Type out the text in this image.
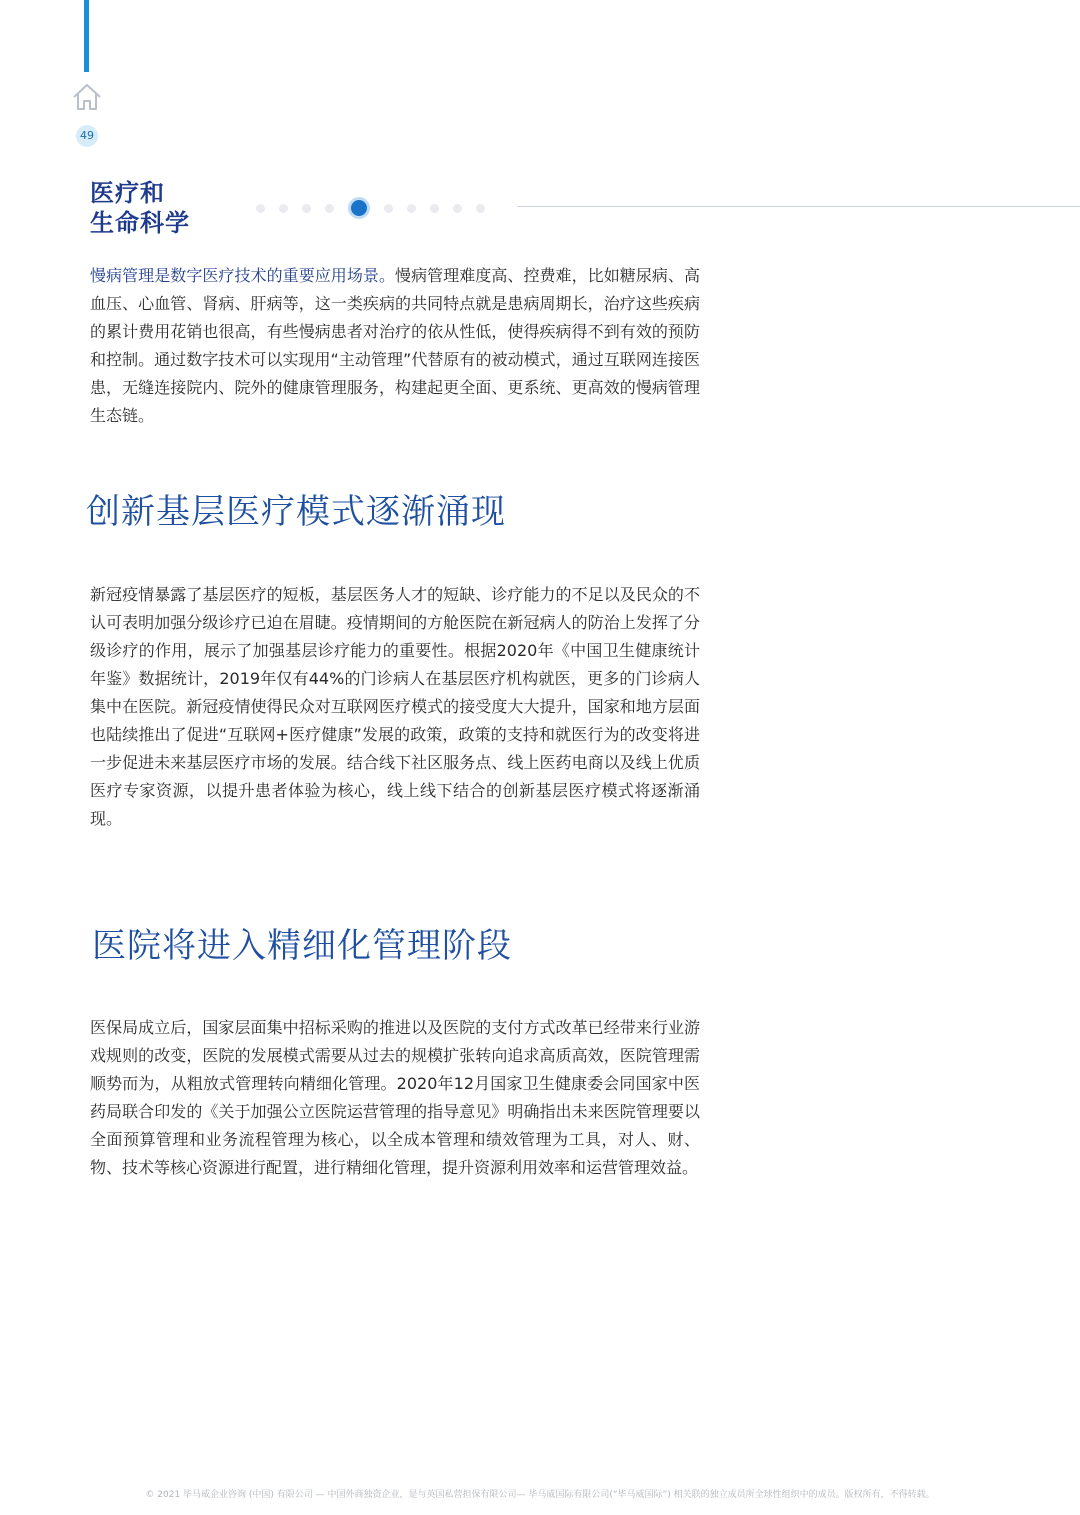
49
医疗和
生命科学

慢病管理是数字医疗技术的重要应用场景。慢病管理难度高、控费难，比如糖尿病、高血压、心血管、肾病、肝病等，这一类疾病的共同特点就是患病周期长，治疗这些疾病的累计费用花销也很高，有些慢病患者对治疗的依从性低，使得疾病得不到有效的预防和控制。通过数字技术可以实现用“主动管理”代替原有的被动模式，通过互联网连接医患，无缝连接院内、院外的健康管理服务，构建起更全面、更系统、更高效的慢病管理生态链。

创新基层医疗模式逐渐涌现

新冠疫情暴露了基层医疗的短板，基层医务人才的短缺、诊疗能力的不足以及民众的不认可表明加强分级诊疗已迫在眉睫。疫情期间的方舱医院在新冠病人的防治上发挥了分级诊疗的作用，展示了加强基层诊疗能力的重要性。根据2020年《中国卫生健康统计年鉴》数据统计，2019年仅有44%的门诊病人在基层医疗机构就医，更多的门诊病人集中在医院。新冠疫情使得民众对互联网医疗模式的接受度大大提升，国家和地方层面也陆续推出了促进“互联网+医疗健康”发展的政策，政策的支持和就医行为的改变将进一步促进未来基层医疗市场的发展。结合线下社区服务点、线上医药电商以及线上优质医疗专家资源，以提升患者体验为核心，线上线下结合的创新基层医疗模式将逐渐涌现。

医院将进入精细化管理阶段

医保局成立后，国家层面集中招标采购的推进以及医院的支付方式改革已经带来行业游戏规则的改变，医院的发展模式需要从过去的规模扩张转向追求高质高效，医院管理需顺势而为，从粗放式管理转向精细化管理。2020年12月国家卫生健康委会同国家中医药局联合印发的《关于加强公立医院运营管理的指导意见》明确指出未来医院管理要以全面预算管理和业务流程管理为核心，以全成本管理和绩效管理为工具，对人、财、物、技术等核心资源进行配置，进行精细化管理，提升资源利用效率和运营管理效益。

© 2021 毕马威企业咨询 (中国) 有限公司 — 中国外商独资企业，是与英国私营担保有限公司— 毕马威国际有限公司(“毕马威国际”) 相关联的独立成员所全球性组织中的成员。版权所有，不得转载。
